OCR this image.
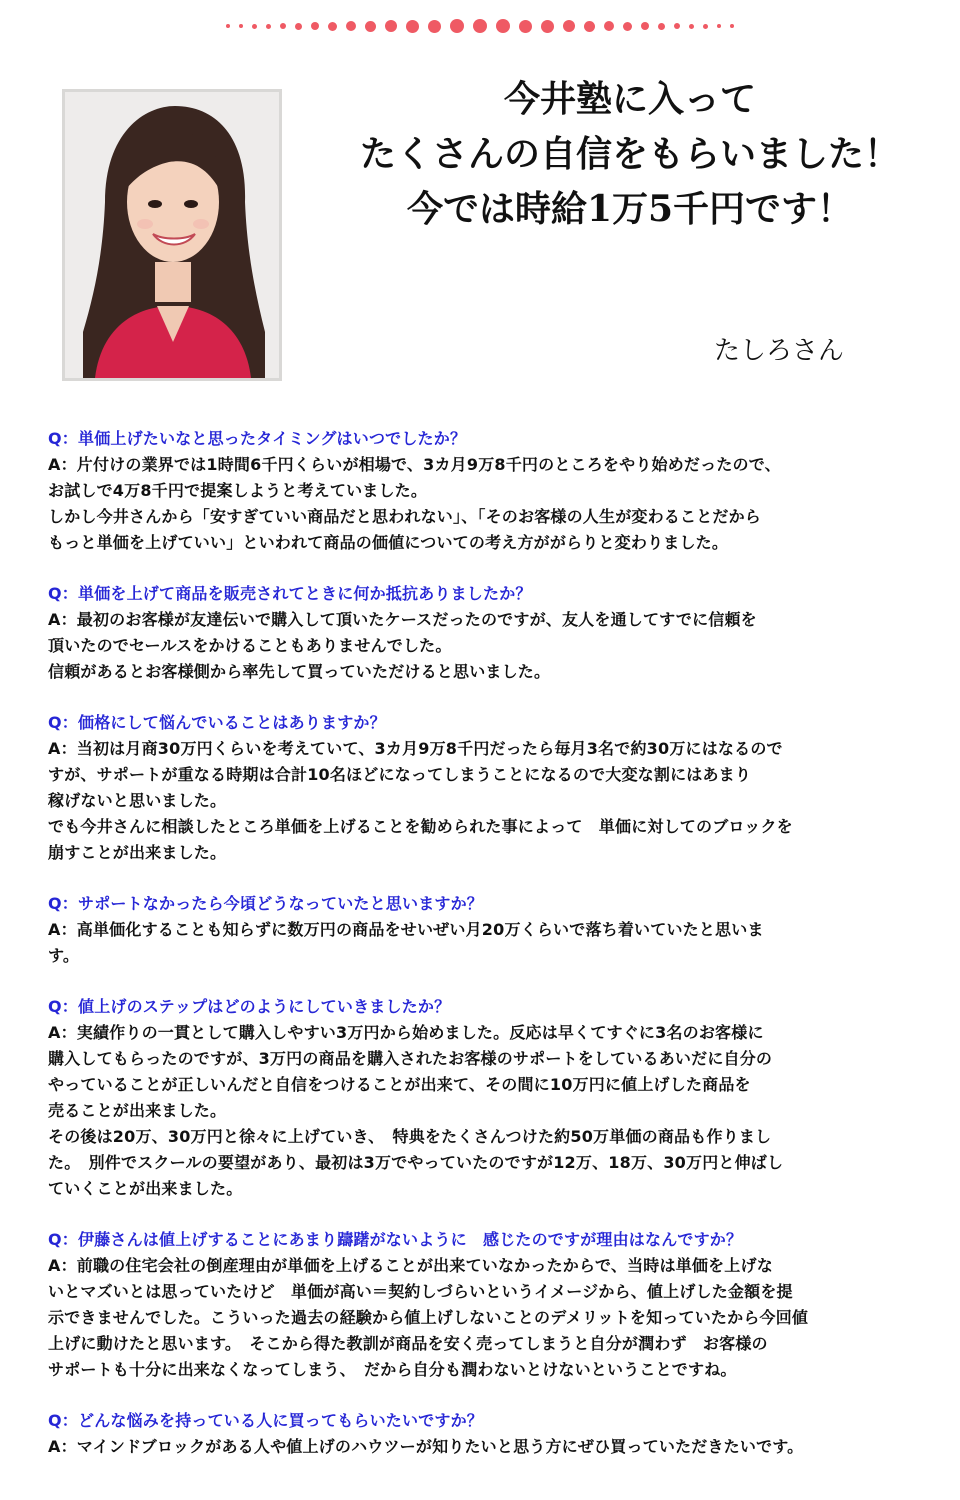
今井塾に入って
たくさんの自信をもらいました！
今では時給1万5千円です！

たしろさん

Q：単価上げたいなと思ったタイミングはいつでしたか？

A：片付けの業界では1時間6千円くらいが相場で、3カ月9万8千円のところをやり始めだったので、
お試しで4万8千円で提案しようと考えていました。
しかし今井さんから「安すぎていい商品だと思われない」、「そのお客様の人生が変わることだから
もっと単価を上げていい」といわれて商品の価値についての考え方ががらりと変わりました。

Q：単価を上げて商品を販売されてときに何か抵抗ありましたか？

A：最初のお客様が友達伝いで購入して頂いたケースだったのですが、友人を通してすでに信頼を
頂いたのでセールスをかけることもありませんでした。
信頼があるとお客様側から率先して買っていただけると思いました。

Q：価格にして悩んでいることはありますか？

A：当初は月商30万円くらいを考えていて、3カ月9万8千円だったら毎月3名で約30万にはなるので
すが、サポートが重なる時期は合計10名ほどになってしまうことになるので大変な割にはあまり
稼げないと思いました。
でも今井さんに相談したところ単価を上げることを勧められた事によって　単価に対してのブロックを
崩すことが出来ました。

Q：サポートなかったら今頃どうなっていたと思いますか？

A：高単価化することも知らずに数万円の商品をせいぜい月20万くらいで落ち着いていたと思いま
す。

Q：値上げのステップはどのようにしていきましたか？

A：実績作りの一貫として購入しやすい3万円から始めました。反応は早くてすぐに3名のお客様に
購入してもらったのですが、3万円の商品を購入されたお客様のサポートをしているあいだに自分の
やっていることが正しいんだと自信をつけることが出来て、その間に10万円に値上げした商品を
売ることが出来ました。
その後は20万、30万円と徐々に上げていき、　特典をたくさんつけた約50万単価の商品も作りまし
た。　別件でスクールの要望があり、最初は3万でやっていたのですが12万、18万、30万円と伸ばし
ていくことが出来ました。

Q：伊藤さんは値上げすることにあまり躊躇がないように　感じたのですが理由はなんですか？

A：前職の住宅会社の倒産理由が単価を上げることが出来ていなかったからで、当時は単価を上げな
いとマズいとは思っていたけど　単価が高い＝契約しづらいというイメージから、値上げした金額を提
示できませんでした。こういった過去の経験から値上げしないことのデメリットを知っていたから今回値
上げに動けたと思います。　そこから得た教訓が商品を安く売ってしまうと自分が潤わず　お客様の
サポートも十分に出来なくなってしまう、　だから自分も潤わないとけないということですね。

Q：どんな悩みを持っている人に買ってもらいたいですか？

A：マインドブロックがある人や値上げのハウツーが知りたいと思う方にぜひ買っていただきたいです。
